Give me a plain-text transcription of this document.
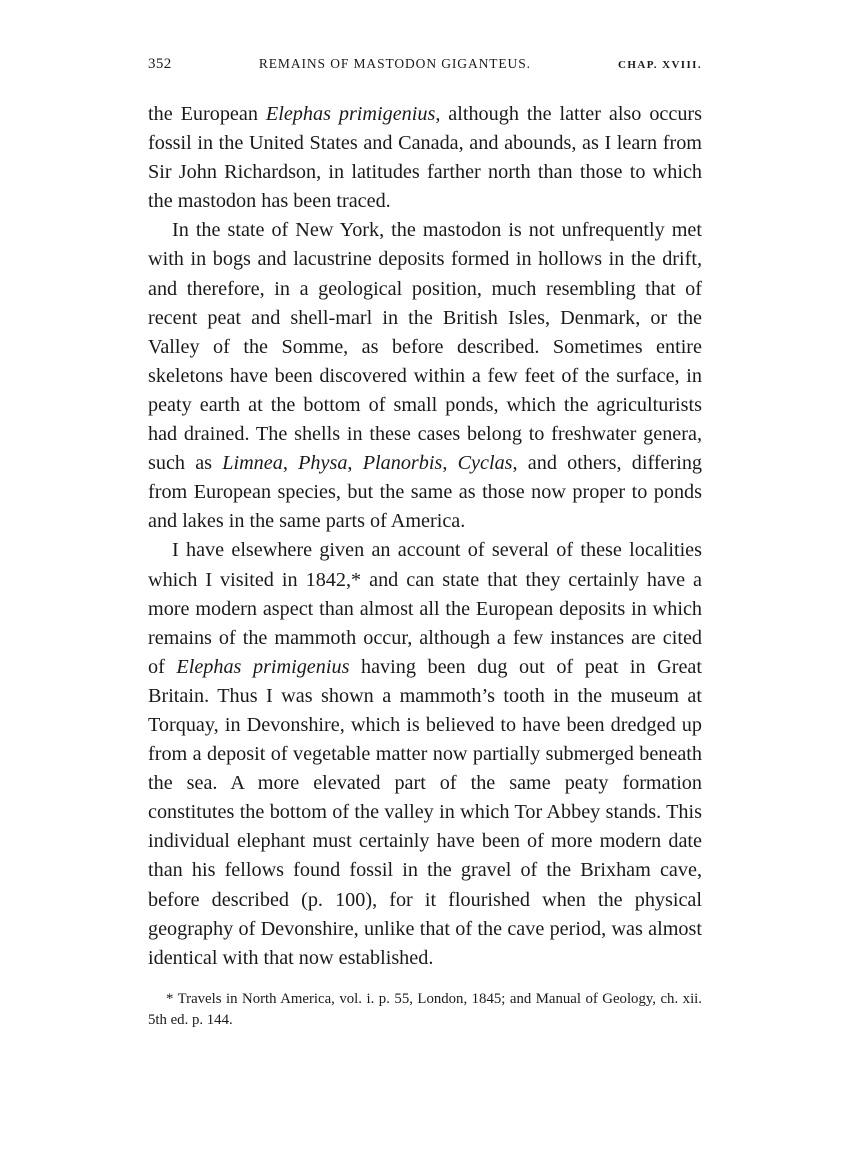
352	REMAINS OF MASTODON GIGANTEUS.	CHAP. XVIII.

the European Elephas primigenius, although the latter also occurs fossil in the United States and Canada, and abounds, as I learn from Sir John Richardson, in latitudes farther north than those to which the mastodon has been traced.

In the state of New York, the mastodon is not unfrequently met with in bogs and lacustrine deposits formed in hollows in the drift, and therefore, in a geological position, much resembling that of recent peat and shell-marl in the British Isles, Denmark, or the Valley of the Somme, as before described. Sometimes entire skeletons have been discovered within a few feet of the surface, in peaty earth at the bottom of small ponds, which the agriculturists had drained. The shells in these cases belong to freshwater genera, such as Limnea, Physa, Planorbis, Cyclas, and others, differing from European species, but the same as those now proper to ponds and lakes in the same parts of America.

I have elsewhere given an account of several of these localities which I visited in 1842,* and can state that they certainly have a more modern aspect than almost all the European deposits in which remains of the mammoth occur, although a few instances are cited of Elephas primigenius having been dug out of peat in Great Britain. Thus I was shown a mammoth’s tooth in the museum at Torquay, in Devonshire, which is believed to have been dredged up from a deposit of vegetable matter now partially submerged beneath the sea. A more elevated part of the same peaty formation constitutes the bottom of the valley in which Tor Abbey stands. This individual elephant must certainly have been of more modern date than his fellows found fossil in the gravel of the Brixham cave, before described (p. 100), for it flourished when the physical geography of Devonshire, unlike that of the cave period, was almost identical with that now established.

* Travels in North America, vol. i. p. 55, London, 1845; and Manual of Geology, ch. xii. 5th ed. p. 144.
